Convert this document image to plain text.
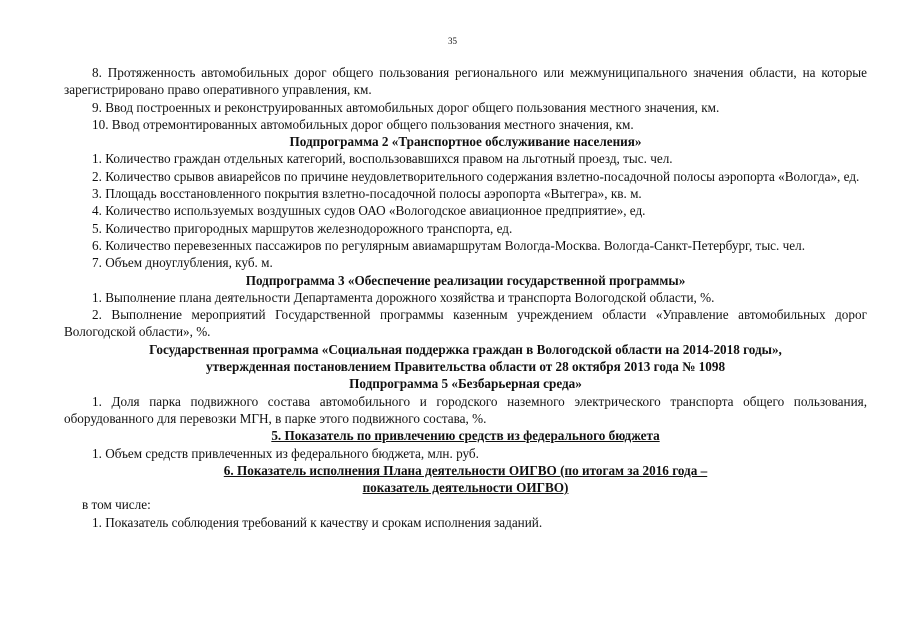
35

8. Протяженность автомобильных дорог общего пользования регионального или межмуниципального значения области, на которые зарегистрировано право оперативного управления, км.

9. Ввод построенных и реконструированных автомобильных дорог общего пользования местного значения, км.

10. Ввод отремонтированных автомобильных дорог общего пользования местного значения, км.

Подпрограмма 2 «Транспортное обслуживание населения»

1. Количество граждан отдельных категорий, воспользовавшихся правом на льготный проезд, тыс. чел.

2. Количество срывов авиарейсов по причине неудовлетворительного содержания взлетно-посадочной полосы аэропорта «Вологда», ед.

3. Площадь восстановленного покрытия взлетно-посадочной полосы аэропорта «Вытегра», кв. м.

4. Количество используемых воздушных судов ОАО «Вологодское авиационное предприятие», ед.

5. Количество пригородных маршрутов железнодорожного транспорта, ед.

6. Количество перевезенных пассажиров по регулярным авиамаршрутам Вологда-Москва. Вологда-Санкт-Петербург, тыс. чел.

7. Объем дноуглубления, куб. м.

Подпрограмма 3 «Обеспечение реализации государственной программы»

1. Выполнение плана деятельности Департамента дорожного хозяйства и транспорта Вологодской области, %.

2. Выполнение мероприятий Государственной программы казенным учреждением области «Управление автомобильных дорог Вологодской области», %.

Государственная программа «Социальная поддержка граждан в Вологодской области на 2014-2018 годы»,

утвержденная постановлением Правительства области от 28 октября 2013 года № 1098

Подпрограмма 5 «Безбарьерная среда»

1. Доля парка подвижного состава автомобильного и городского наземного электрического транспорта общего пользования, оборудованного для перевозки МГН, в парке этого подвижного состава, %.

5. Показатель по привлечению средств из федерального бюджета

1. Объем средств привлеченных из федерального бюджета, млн. руб.

6. Показатель исполнения Плана деятельности ОИГВО (по итогам за 2016 года –

показатель деятельности ОИГВО)

в том числе:

1. Показатель соблюдения требований к качеству и срокам исполнения заданий.
